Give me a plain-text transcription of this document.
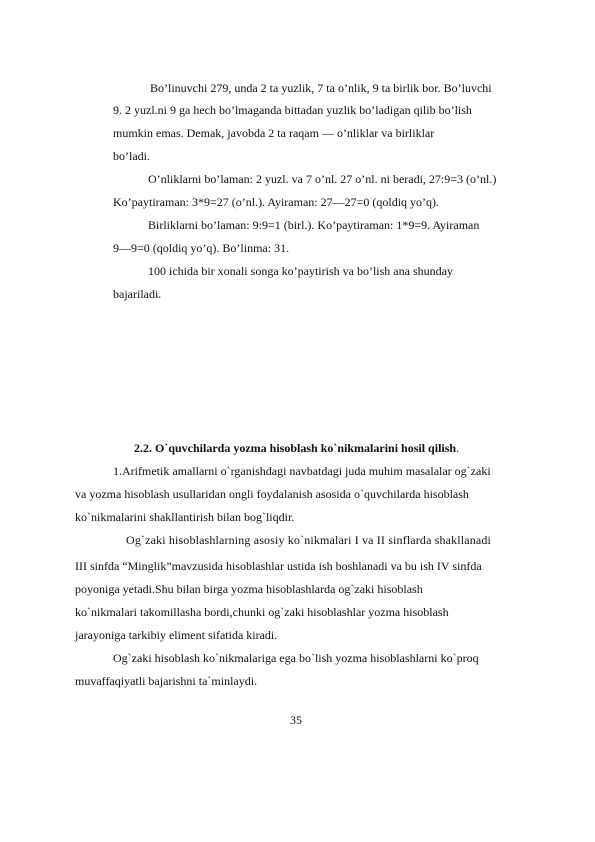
Bo’linuvchi 279, unda 2 ta yuzlik, 7 ta o’nlik, 9 ta birlik bor. Bo’luvchi
9. 2 yuzl.ni 9 ga hech bo’lmaganda bittadan yuzlik bo’ladigan qilib bo’lish
mumkin emas. Demak, javobda 2 ta raqam — o’nliklar va birliklar
bo’ladi.
O’nliklarni bo’laman: 2 yuzl. va 7 o’nl. 27 o’nl. ni beradi, 27:9=3 (o’nl.)
Ko’paytiraman: 3*9=27 (o’nl.). Ayiraman: 27—27=0 (qoldiq yo’q).
Birliklarni bo’laman: 9:9=1 (birl.). Ko’paytiraman: 1*9=9. Ayiraman
9—9=0 (qoldiq yo’q). Bo’linma: 31.
100 ichida bir xonali songa ko’paytirish va bo’lish ana shunday
bajariladi.
2.2. O`quvchilarda yozma hisoblash ko`nikmalarini hosil qilish.
1.Arifmetik amallarni o`rganishdagi navbatdagi juda muhim masalalar og`zaki
va yozma hisoblash usullaridan ongli foydalanish asosida o`quvchilarda hisoblash
ko`nikmalarini shakllantirish bilan bog`liqdir.
Og`zaki hisoblashlarning asosiy ko`nikmalari I va II sinflarda shakllanadi
III sinfda “Minglik”mavzusida hisoblashlar ustida ish boshlanadi va bu ish IV sinfda
poyoniga yetadi.Shu bilan birga yozma hisoblashlarda og`zaki hisoblash
ko`nikmalari takomillashа bordi,chunki og`zaki hisoblashlar yozma hisoblash
jarayoniga tarkibiy eliment sifatida kiradi.
Og`zaki hisoblash ko`nikmalariga ega bo`lish yozma hisoblashlarni ko`proq
muvaffaqiyatli bajarishni ta`minlaydi.
35
